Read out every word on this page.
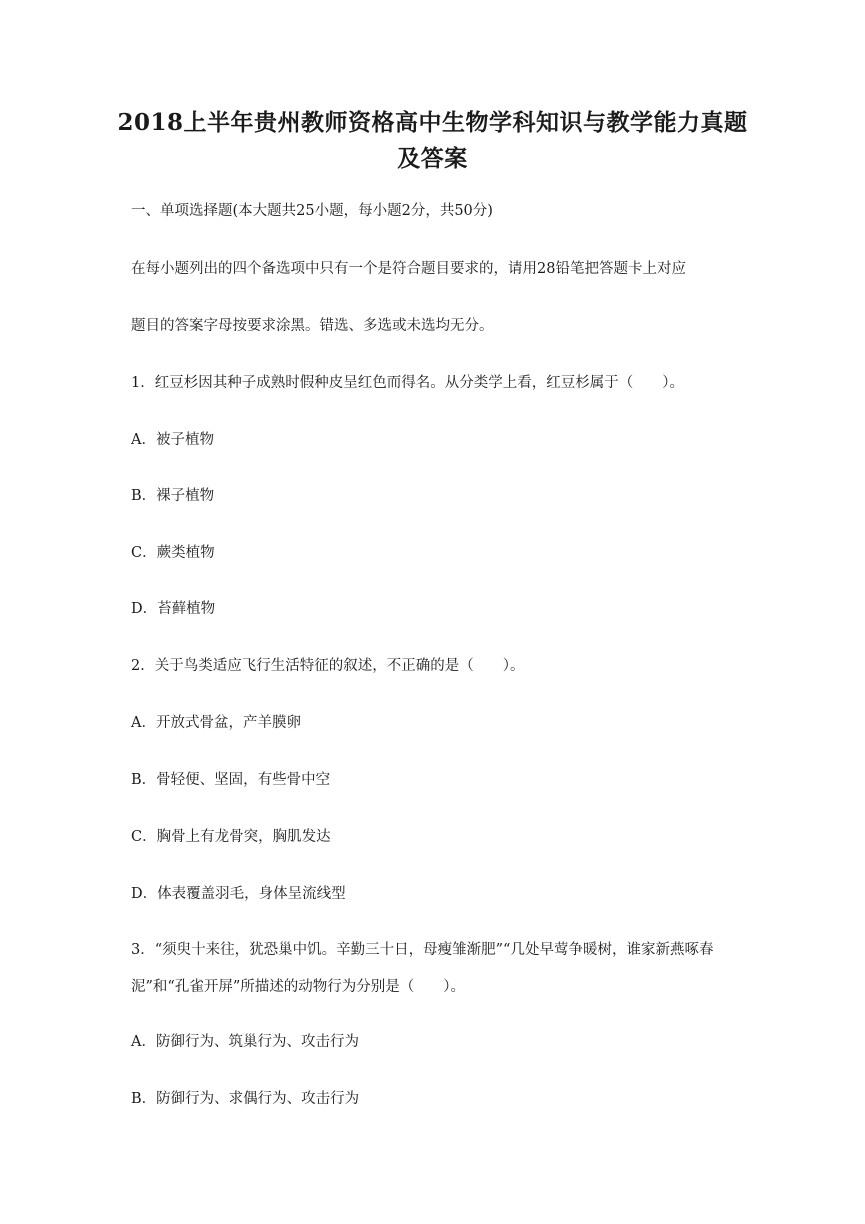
2018上半年贵州教师资格高中生物学科知识与教学能力真题及答案
一、单项选择题(本大题共25小题，每小题2分，共50分)
在每小题列出的四个备选项中只有一个是符合题目要求的，请用28铅笔把答题卡上对应
题目的答案字母按要求涂黑。错选、多选或未选均无分。
1．红豆杉因其种子成熟时假种皮呈红色而得名。从分类学上看，红豆杉属于（　　）。
A．被子植物
B．裸子植物
C．蕨类植物
D．苔藓植物
2．关于鸟类适应飞行生活特征的叙述，不正确的是（　　）。
A．开放式骨盆，产羊膜卵
B．骨轻便、坚固，有些骨中空
C．胸骨上有龙骨突，胸肌发达
D．体表覆盖羽毛，身体呈流线型
3．“须臾十来往，犹恐巢中饥。辛勤三十日，母瘦雏渐肥”“几处早莺争暖树，谁家新燕啄春泥”和“孔雀开屏”所描述的动物行为分别是（　　）。
A．防御行为、筑巢行为、攻击行为
B．防御行为、求偶行为、攻击行为
